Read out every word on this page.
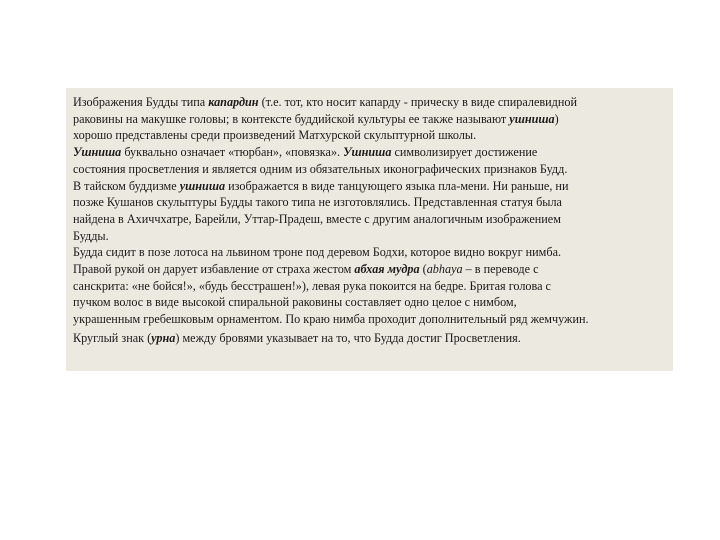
Изображения Будды типа капардин (т.е. тот, кто носит капарду - прическу в виде спиралевидной
раковины на макушке головы; в контексте буддийской культуры ее также называют ушниша)
хорошо представлены среди произведений Матхурской скульптурной школы.
Ушниша буквально означает «тюрбан», «повязка». Ушниша символизирует достижение
состояния просветления и является одним из обязательных иконографических признаков Будд.
В тайском буддизме ушниша изображается в виде танцующего языка пла-мени. Ни раньше, ни
позже Кушанов скульптуры Будды такого типа не изготовлялись. Представленная статуя была
найдена в Ахиччхатре, Барейли, Уттар-Прадеш, вместе с другим аналогичным изображением
Будды.
Будда сидит в позе лотоса на львином троне под деревом Бодхи, которое видно вокруг нимба.
Правой рукой он дарует избавление от страха жестом абхая мудра (abhaya – в переводе с
санскрита: «не бойся!», «будь бесстрашен!»), левая рука покоится на бедре. Бритая голова с
пучком волос в виде высокой спиральной раковины составляет одно целое с нимбом,
украшенным гребешковым орнаментом. По краю нимба проходит дополнительный ряд жемчужин.
Круглый знак (урна) между бровями указывает на то, что Будда достиг Просветления.
